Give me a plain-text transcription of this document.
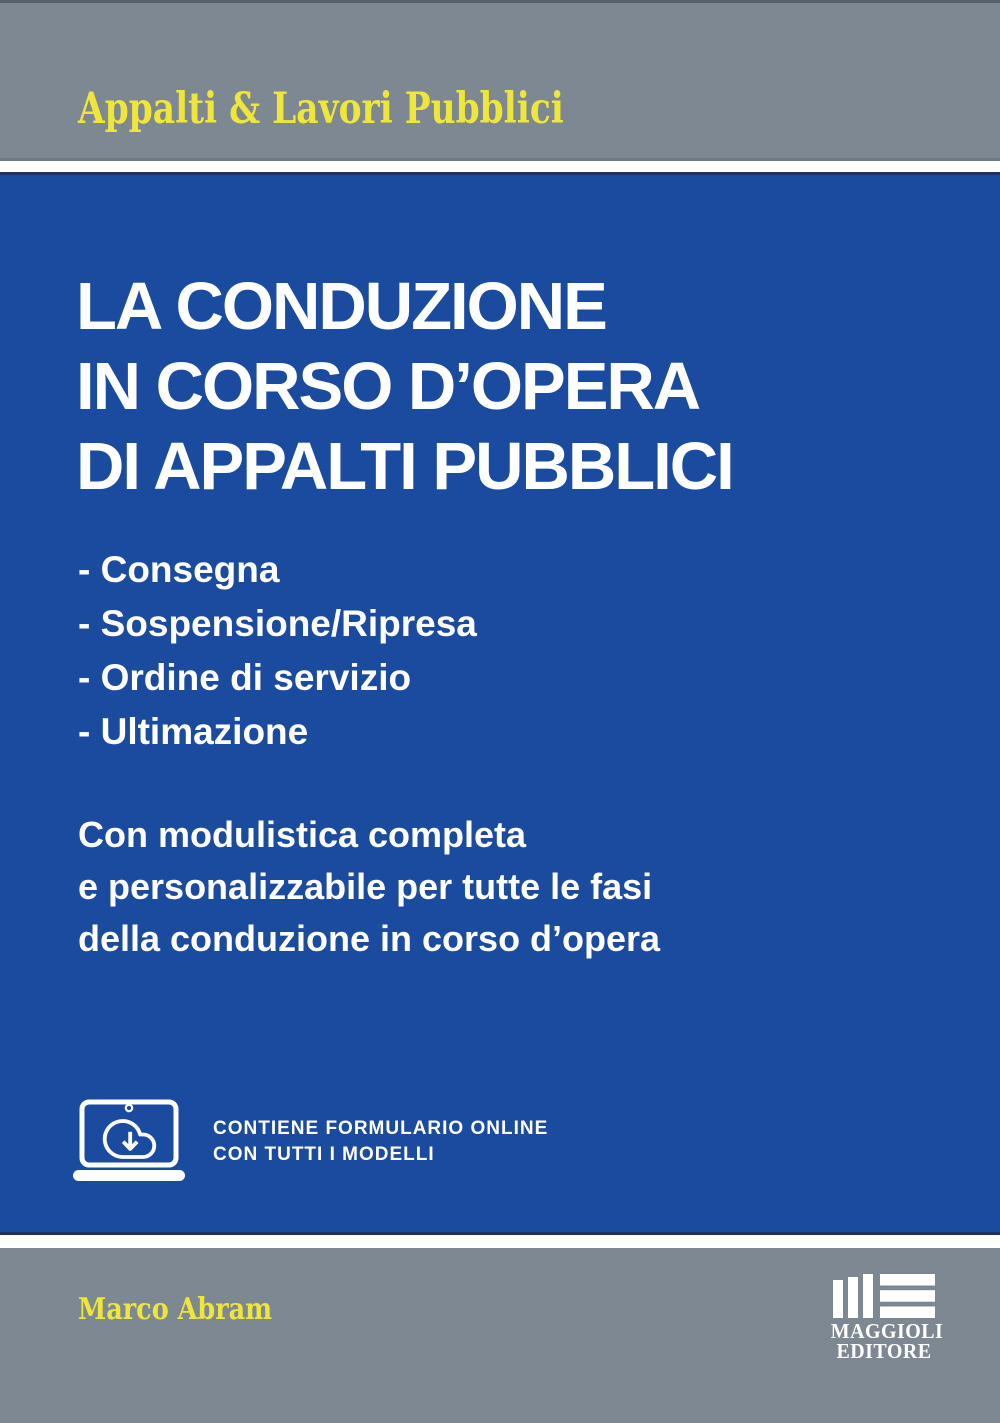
Appalti & Lavori Pubblici
LA CONDUZIONE
IN CORSO D’OPERA
DI APPALTI PUBBLICI
- Consegna
- Sospensione/Ripresa
- Ordine di servizio
- Ultimazione
Con modulistica completa
e personalizzabile per tutte le fasi
della conduzione in corso d’opera
CONTIENE FORMULARIO ONLINE
CON TUTTI I MODELLI
Marco Abram
MAGGIOLI
EDITORE
